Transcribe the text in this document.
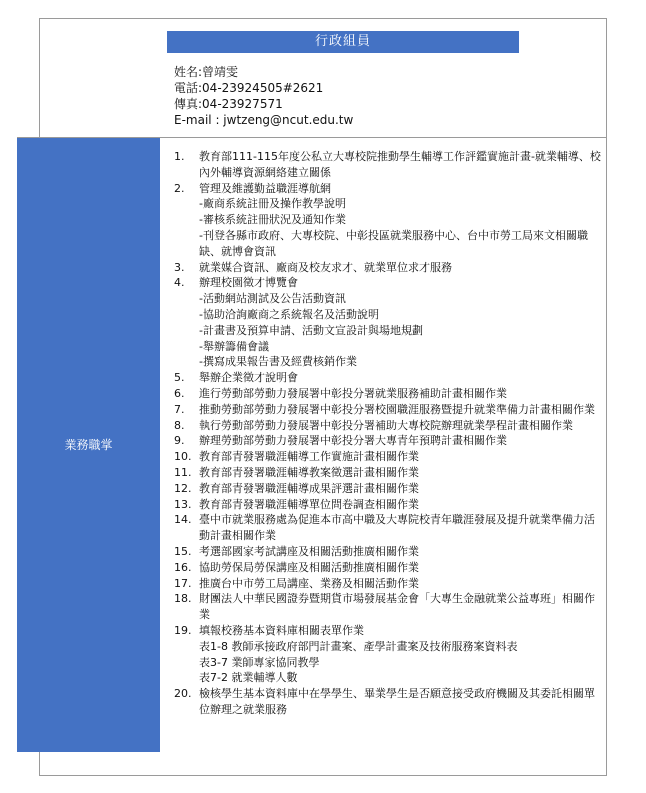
行政組員
姓名:曾靖雯
電話:04-23924505#2621
傳真:04-23927571
E-mail : jwtzeng@ncut.edu.tw
業務職掌
1.	教育部111-115年度公私立大專校院推動學生輔導工作評鑑實施計畫-就業輔導、校內外輔導資源網絡建立關係
2.	管理及維護勤益職涯導航網
-廠商系統註冊及操作教學說明
-審核系統註冊狀況及通知作業
-刊登各縣市政府、大專校院、中彰投區就業服務中心、台中市勞工局來文相關職缺、就博會資訊
3.	就業媒合資訊、廠商及校友求才、就業單位求才服務
4.	辦理校園徵才博覽會
-活動網站測試及公告活動資訊
-協助洽詢廠商之系統報名及活動說明
-計畫書及預算申請、活動文宣設計與場地規劃
-舉辦籌備會議
-撰寫成果報告書及經費核銷作業
5.	舉辦企業徵才說明會
6.	進行勞動部勞動力發展署中彰投分署就業服務補助計畫相關作業
7.	推動勞動部勞動力發展署中彰投分署校園職涯服務暨提升就業準備力計畫相關作業
8.	執行勞動部勞動力發展署中彰投分署補助大專校院辦理就業學程計畫相關作業
9.	辦理勞動部勞動力發展署中彰投分署大專青年預聘計畫相關作業
10. 教育部青發署職涯輔導工作實施計畫相關作業
11. 教育部青發署職涯輔導教案徵選計畫相關作業
12. 教育部青發署職涯輔導成果評選計畫相關作業
13. 教育部青發署職涯輔導單位問卷調查相關作業
14. 臺中市就業服務處為促進本市高中職及大專院校青年職涯發展及提升就業準備力活動計畫相關作業
15. 考選部國家考試講座及相關活動推廣相關作業
16. 協助勞保局勞保講座及相關活動推廣相關作業
17. 推廣台中市勞工局講座、業務及相關活動作業
18. 財團法人中華民國證券暨期貨市場發展基金會「大專生金融就業公益專班」相關作業
19. 填報校務基本資料庫相關表單作業
表1-8 教師承接政府部門計畫案、產學計畫案及技術服務案資料表
表3-7 業師專家協同教學
表7-2 就業輔導人數
20. 檢核學生基本資料庫中在學學生、畢業學生是否願意接受政府機關及其委託相關單位辦理之就業服務
